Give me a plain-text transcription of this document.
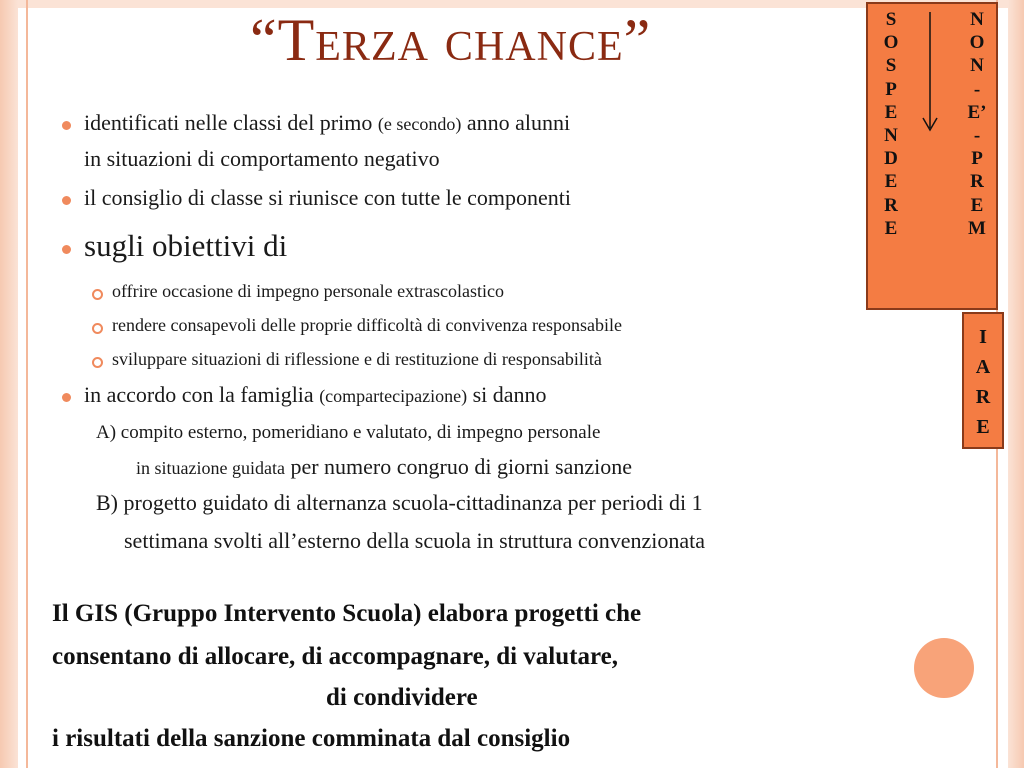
“Terza chance”
identificati nelle classi del primo (e secondo) anno alunni
in situazioni di comportamento negativo
il consiglio di classe si riunisce con tutte le componenti
sugli obiettivi di
offrire occasione di impegno personale extrascolastico
rendere consapevoli delle proprie difficoltà di convivenza responsabile
sviluppare situazioni di riflessione e di restituzione di responsabilità
in accordo con la famiglia (compartecipazione) si danno
A) compito esterno, pomeridiano e valutato, di impegno personale
in situazione guidata per numero congruo di giorni sanzione
B) progetto guidato di alternanza scuola-cittadinanza per periodi di 1
settimana svolti all’esterno della scuola in struttura convenzionata
Il GIS (Gruppo Intervento Scuola) elabora progetti che
consentano di allocare, di accompagnare, di valutare,
di condividere
i risultati della sanzione comminata dal consiglio
S
O
S
P
E
N
D
E
R
E
N
O
N
-
E’
-
P
R
E
M
I
A
R
E
